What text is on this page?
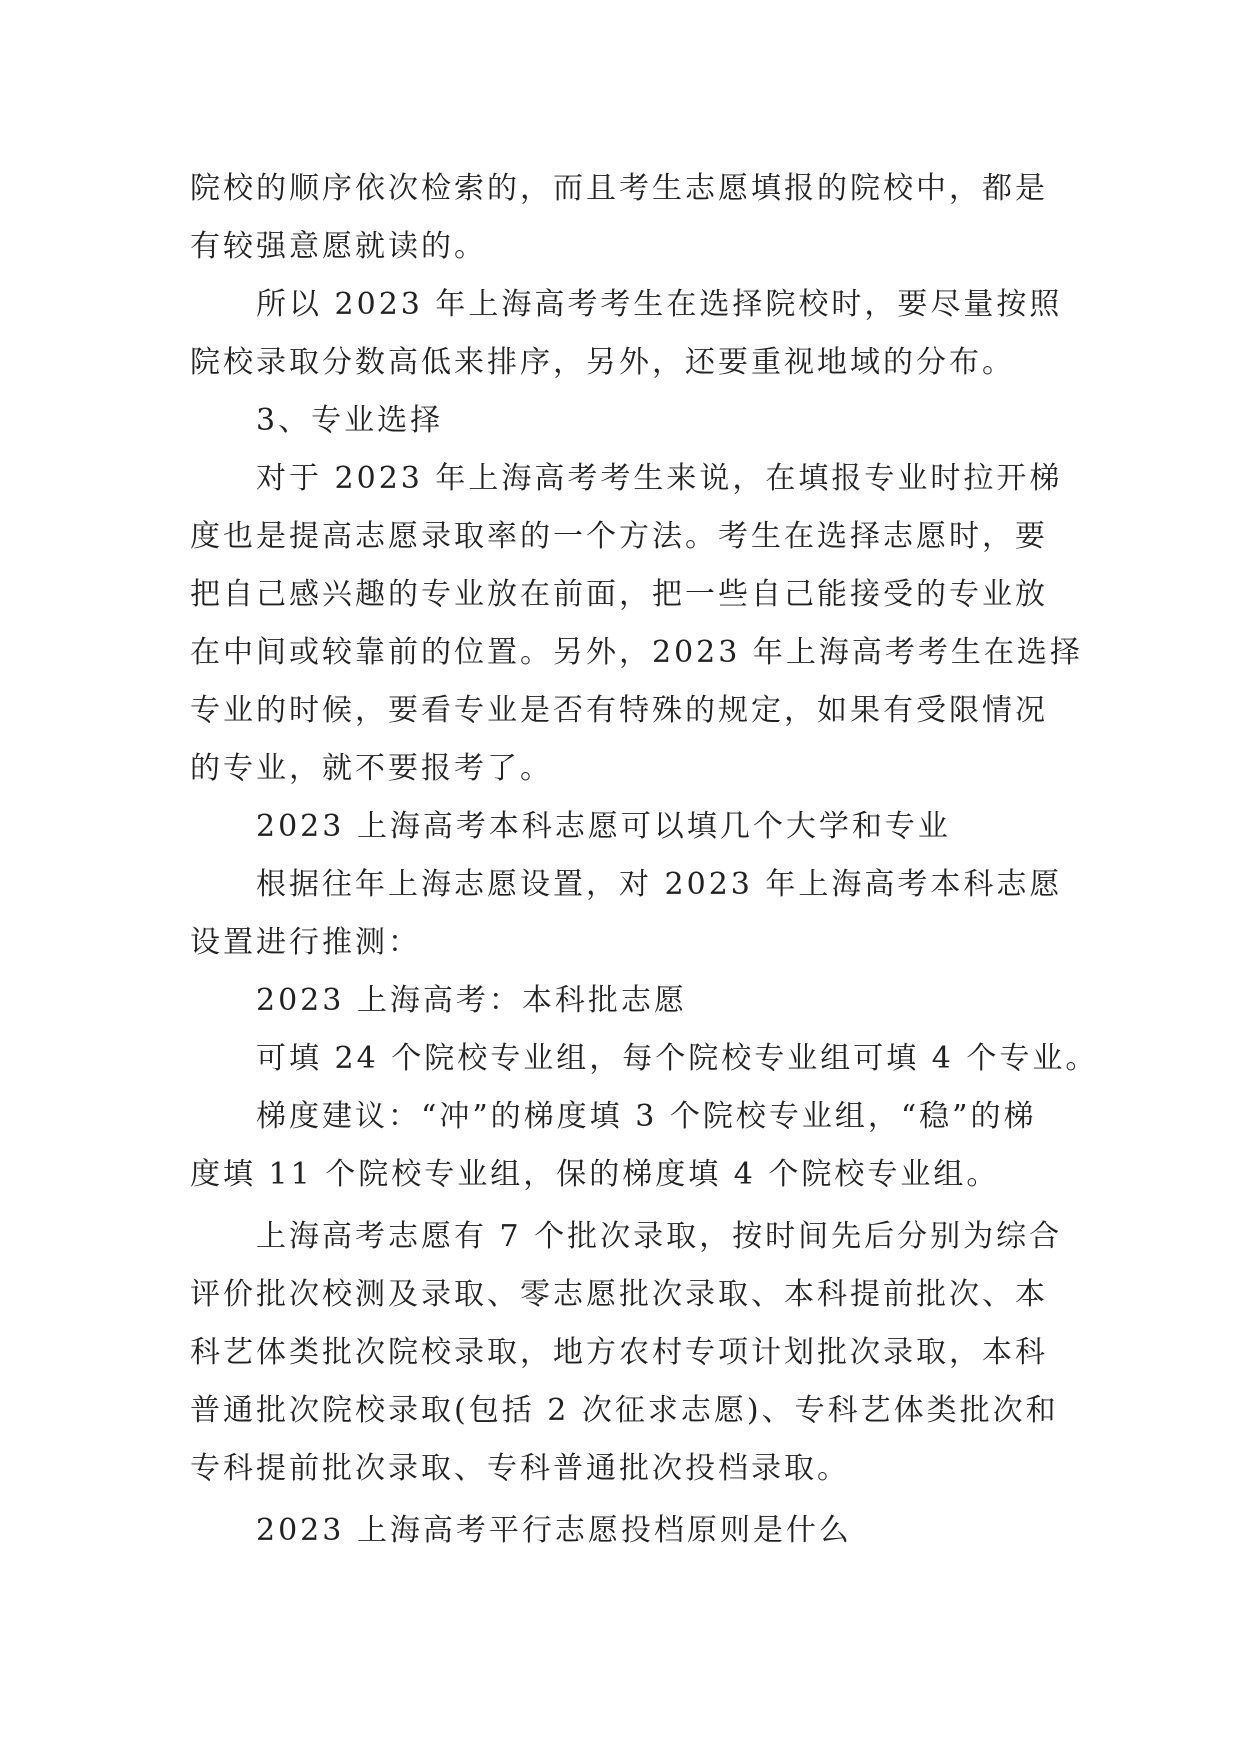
院校的顺序依次检索的，而且考生志愿填报的院校中，都是
有较强意愿就读的。
所以 2023 年上海高考考生在选择院校时，要尽量按照
院校录取分数高低来排序，另外，还要重视地域的分布。
3、专业选择
对于 2023 年上海高考考生来说，在填报专业时拉开梯
度也是提高志愿录取率的一个方法。考生在选择志愿时，要
把自己感兴趣的专业放在前面，把一些自己能接受的专业放
在中间或较靠前的位置。另外，2023 年上海高考考生在选择
专业的时候，要看专业是否有特殊的规定，如果有受限情况
的专业，就不要报考了。
2023 上海高考本科志愿可以填几个大学和专业
根据往年上海志愿设置，对 2023 年上海高考本科志愿
设置进行推测：
2023 上海高考：本科批志愿
可填 24 个院校专业组，每个院校专业组可填 4 个专业。
梯度建议：“冲”的梯度填 3 个院校专业组，“稳”的梯
度填 11 个院校专业组，保的梯度填 4 个院校专业组。
上海高考志愿有 7 个批次录取，按时间先后分别为综合
评价批次校测及录取、零志愿批次录取、本科提前批次、本
科艺体类批次院校录取，地方农村专项计划批次录取，本科
普通批次院校录取(包括 2 次征求志愿)、专科艺体类批次和
专科提前批次录取、专科普通批次投档录取。
2023 上海高考平行志愿投档原则是什么
